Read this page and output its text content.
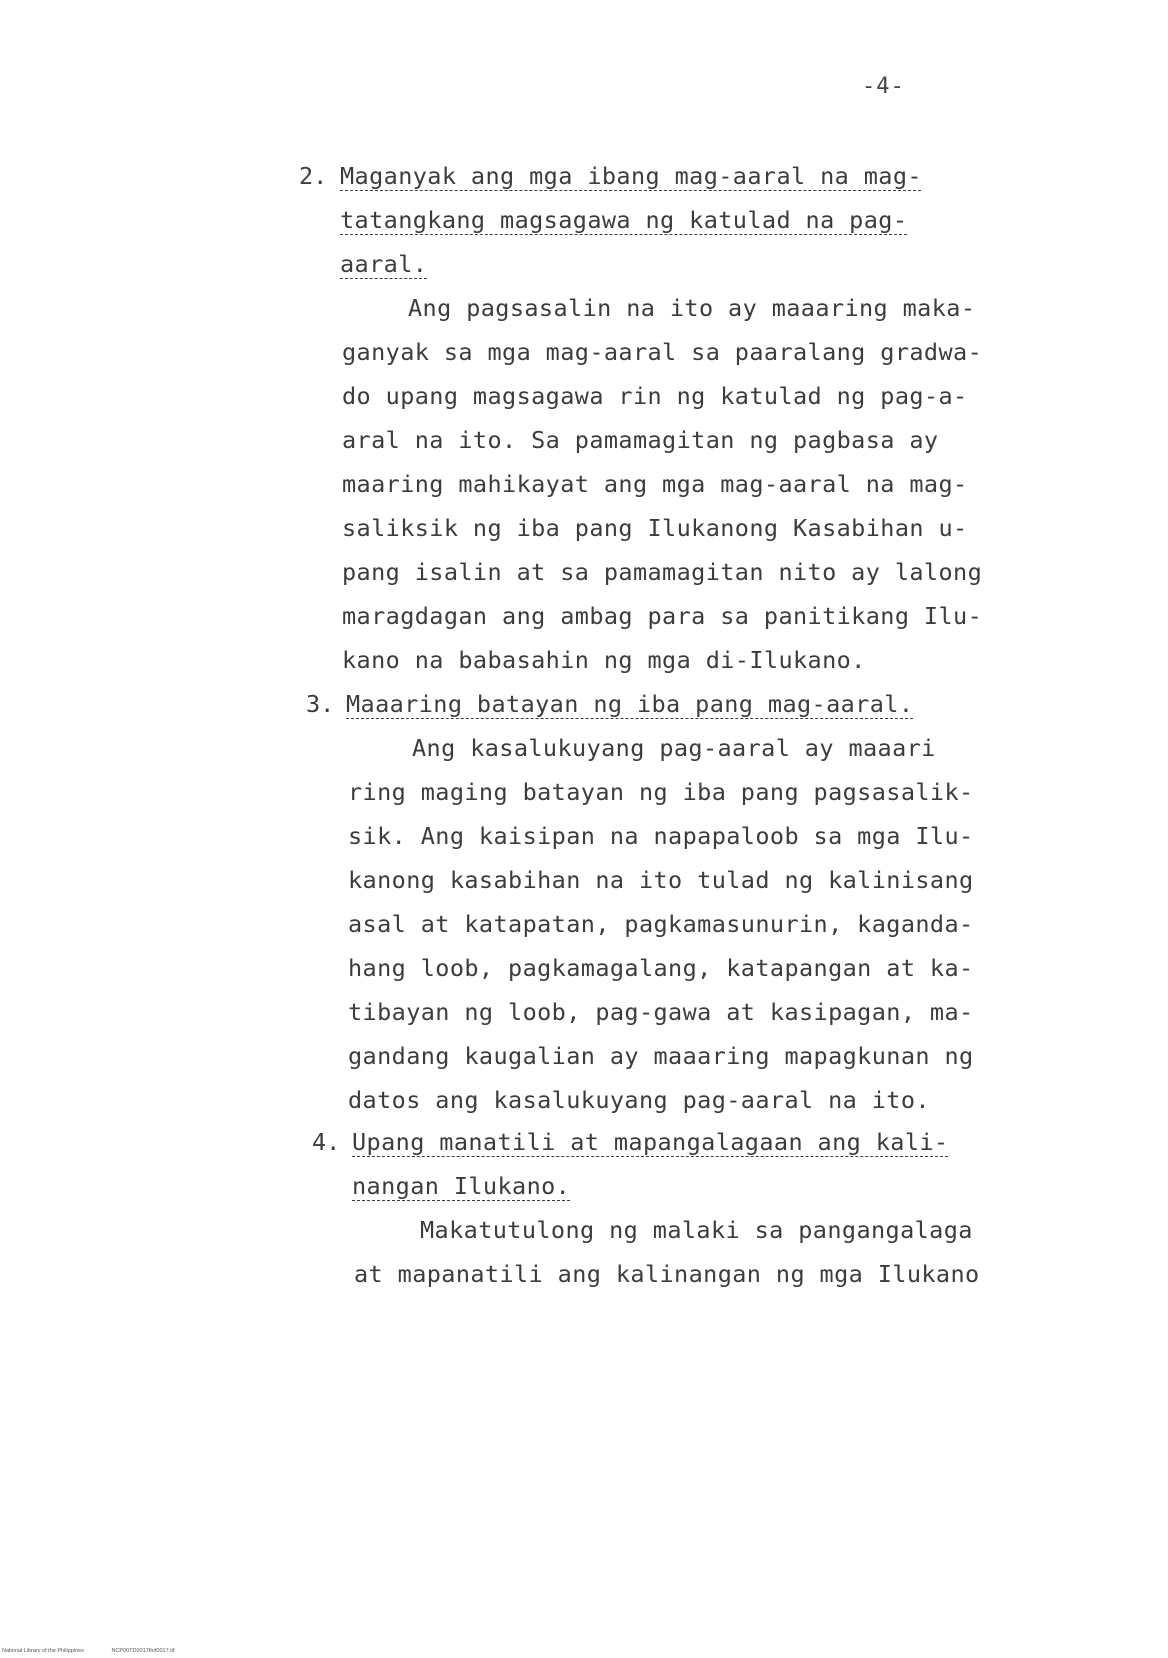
-4-
2. Maganyak ang mga ibang mag-aaral na mag-
tatangkang magsagawa ng katulad na pag-
aaral.
Ang pagsasalin na ito ay maaaring maka-
ganyak sa mga mag-aaral sa paaralang gradwa-
do upang magsagawa rin ng katulad ng pag-a-
aral na ito. Sa pamamagitan ng pagbasa ay
maaring mahikayat ang mga mag-aaral na mag-
saliksik ng iba pang Ilukanong Kasabihan u-
pang isalin at sa pamamagitan nito ay lalong
maragdagan ang ambag para sa panitikang Ilu-
kano na babasahin ng mga di-Ilukano.
3. Maaaring batayan ng iba pang mag-aaral.
Ang kasalukuyang pag-aaral ay maaari
ring maging batayan ng iba pang pagsasalik-
sik. Ang kaisipan na napapaloob sa mga Ilu-
kanong kasabihan na ito tulad ng kalinisang
asal at katapatan, pagkamasunurin, kaganda-
hang loob, pagkamagalang, katapangan at ka-
tibayan ng loob, pag-gawa at kasipagan, ma-
gandang kaugalian ay maaaring mapagkunan ng
datos ang kasalukuyang pag-aaral na ito.
4. Upang manatili at mapangalagaan ang kali-
nangan Ilukano.
Makatutulong ng malaki sa pangangalaga
at mapanatili ang kalinangan ng mga Ilukano
National Library of the Philippines	NCP00TD0017thd0017.tif
